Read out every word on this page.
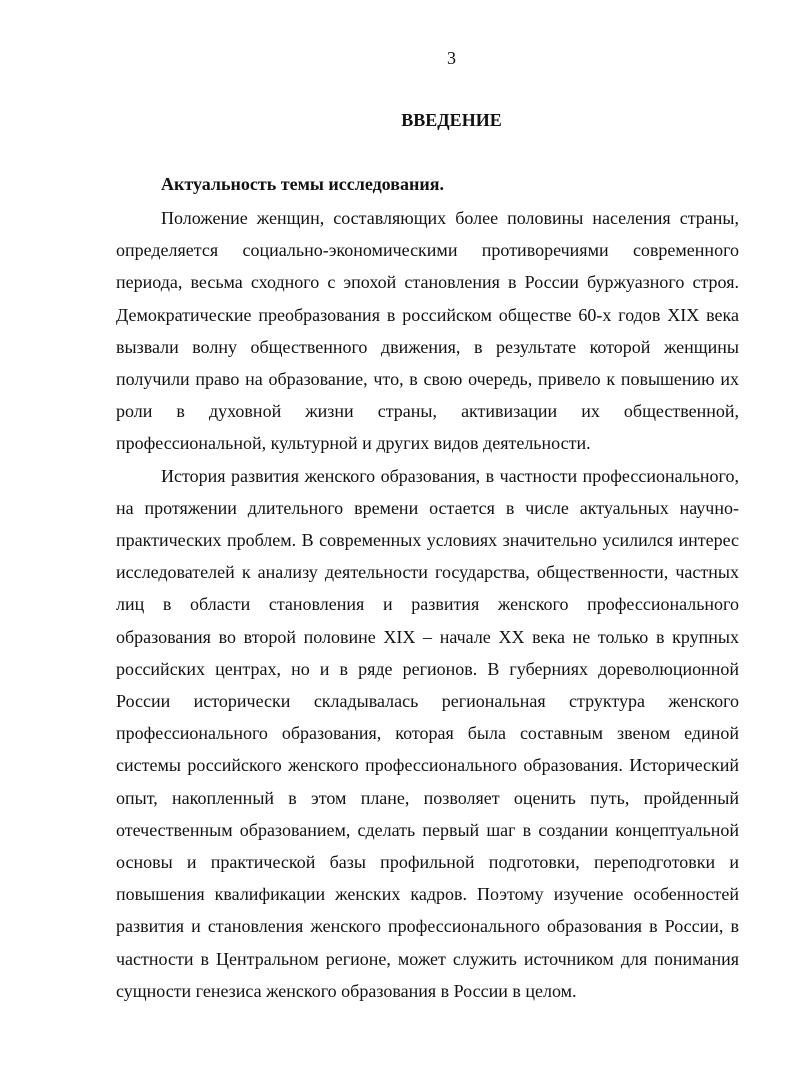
3
ВВЕДЕНИЕ
Актуальность темы исследования.

Положение женщин, составляющих более половины населения страны, определяется социально-экономическими противоречиями современного периода, весьма сходного с эпохой становления в России буржуазного строя. Демократические преобразования в российском обществе 60-х годов XIX века вызвали волну общественного движения, в результате которой женщины получили право на образование, что, в свою очередь, привело к повышению их роли в духовной жизни страны, активизации их общественной, профессиональной, культурной и других видов деятельности.

История развития женского образования, в частности профессионального, на протяжении длительного времени остается в числе актуальных научно-практических проблем. В современных условиях значительно усилился интерес исследователей к анализу деятельности государства, общественности, частных лиц в области становления и развития женского профессионального образования во второй половине XIX – начале XX века не только в крупных российских центрах, но и в ряде регионов. В губерниях дореволюционной России исторически складывалась региональная структура женского профессионального образования, которая была составным звеном единой системы российского женского профессионального образования. Исторический опыт, накопленный в этом плане, позволяет оценить путь, пройденный отечественным образованием, сделать первый шаг в создании концептуальной основы и практической базы профильной подготовки, переподготовки и повышения квалификации женских кадров. Поэтому изучение особенностей развития и становления женского профессионального образования в России, в частности в Центральном регионе, может служить источником для понимания сущности генезиса женского образования в России в целом.
